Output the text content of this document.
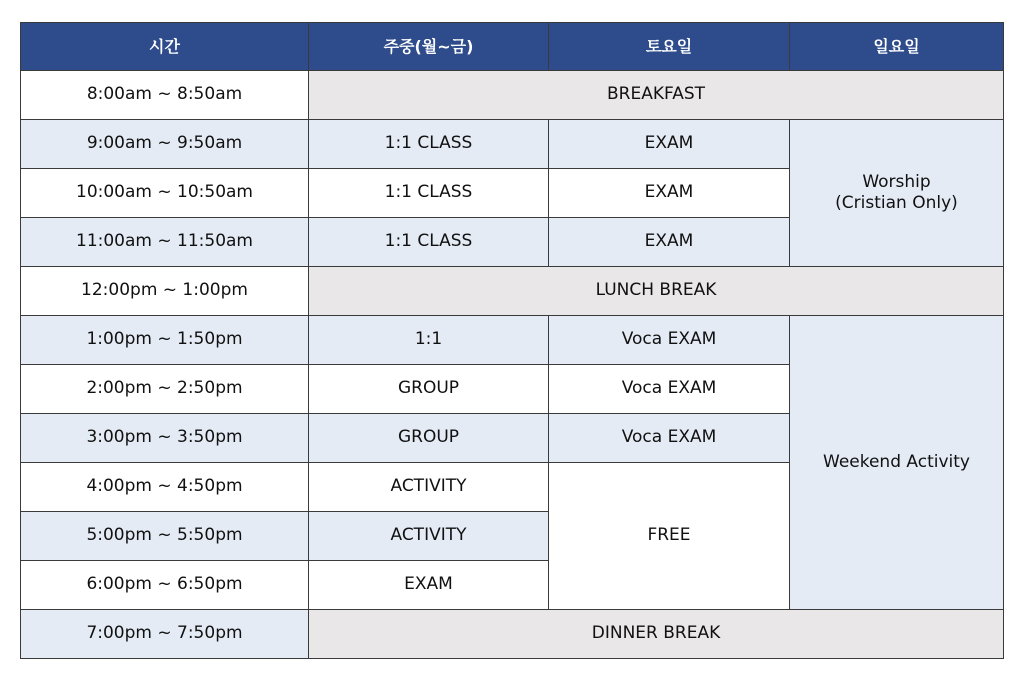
시간	주중(월~금)	토요일	일요일
8:00am ~ 8:50am	BREAKFAST		
9:00am ~ 9:50am	1:1 CLASS	EXAM	Worship
(Cristian Only)
10:00am ~ 10:50am	1:1 CLASS	EXAM	
11:00am ~ 11:50am	1:1 CLASS	EXAM	
12:00pm ~ 1:00pm	LUNCH BREAK		
1:00pm ~ 1:50pm	1:1	Voca EXAM	Weekend Activity
2:00pm ~ 2:50pm	GROUP	Voca EXAM	
3:00pm ~ 3:50pm	GROUP	Voca EXAM	
4:00pm ~ 4:50pm	ACTIVITY	FREE	
5:00pm ~ 5:50pm	ACTIVITY		
6:00pm ~ 6:50pm	EXAM		
7:00pm ~ 7:50pm	DINNER BREAK		
